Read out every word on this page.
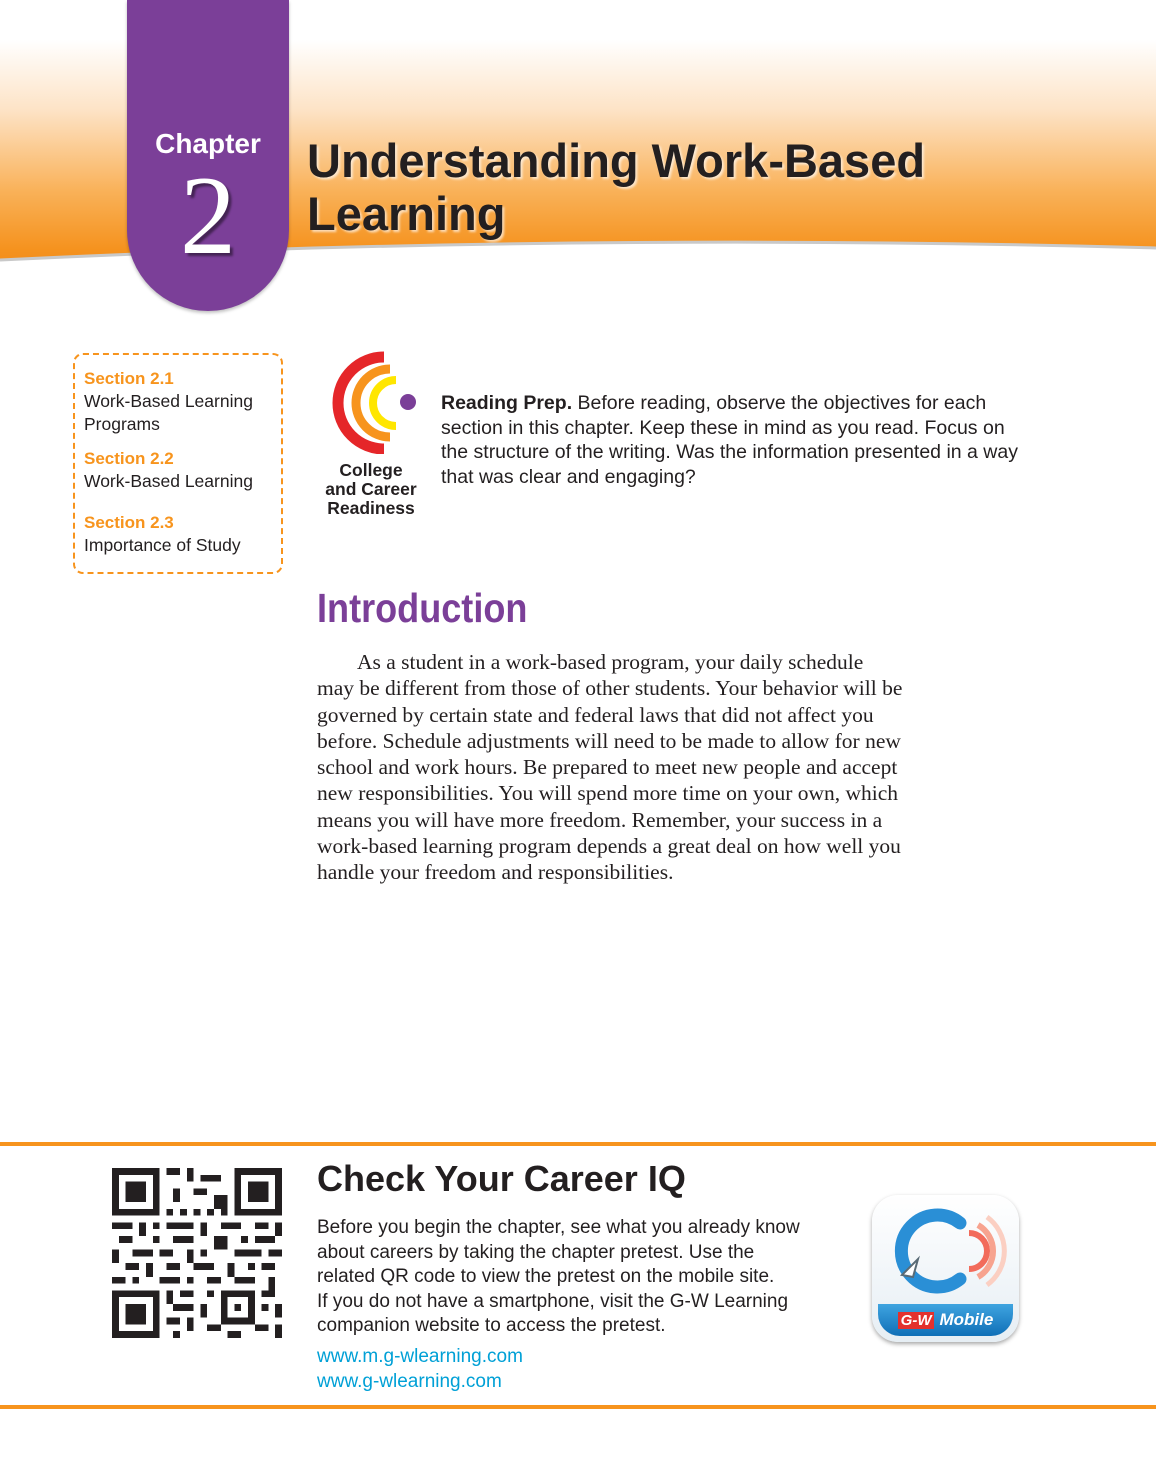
Chapter
2	Understanding Work-Based
Learning
Section 2.1
Work-Based Learning
Programs
Section 2.2
Work-Based Learning
Section 2.3
Importance of Study
College
and Career
Readiness

Reading Prep. Before reading, observe the objectives for each section in this chapter. Keep these in mind as you read. Focus on the structure of the writing. Was the information presented in a way that was clear and engaging?

Introduction
As a student in a work-based program, your daily schedule
may be different from those of other students. Your behavior will be
governed by certain state and federal laws that did not affect you
before. Schedule adjustments will need to be made to allow for new
school and work hours. Be prepared to meet new people and accept
new responsibilities. You will spend more time on your own, which
means you will have more freedom. Remember, your success in a
work-based learning program depends a great deal on how well you
handle your freedom and responsibilities.
Check Your Career IQ
Before you begin the chapter, see what you already know
about careers by taking the chapter pretest. Use the
related QR code to view the pretest on the mobile site.
If you do not have a smartphone, visit the G-W Learning
companion website to access the pretest.
www.m.g-wlearning.com
www.g-wlearning.com
G-W Mobile
